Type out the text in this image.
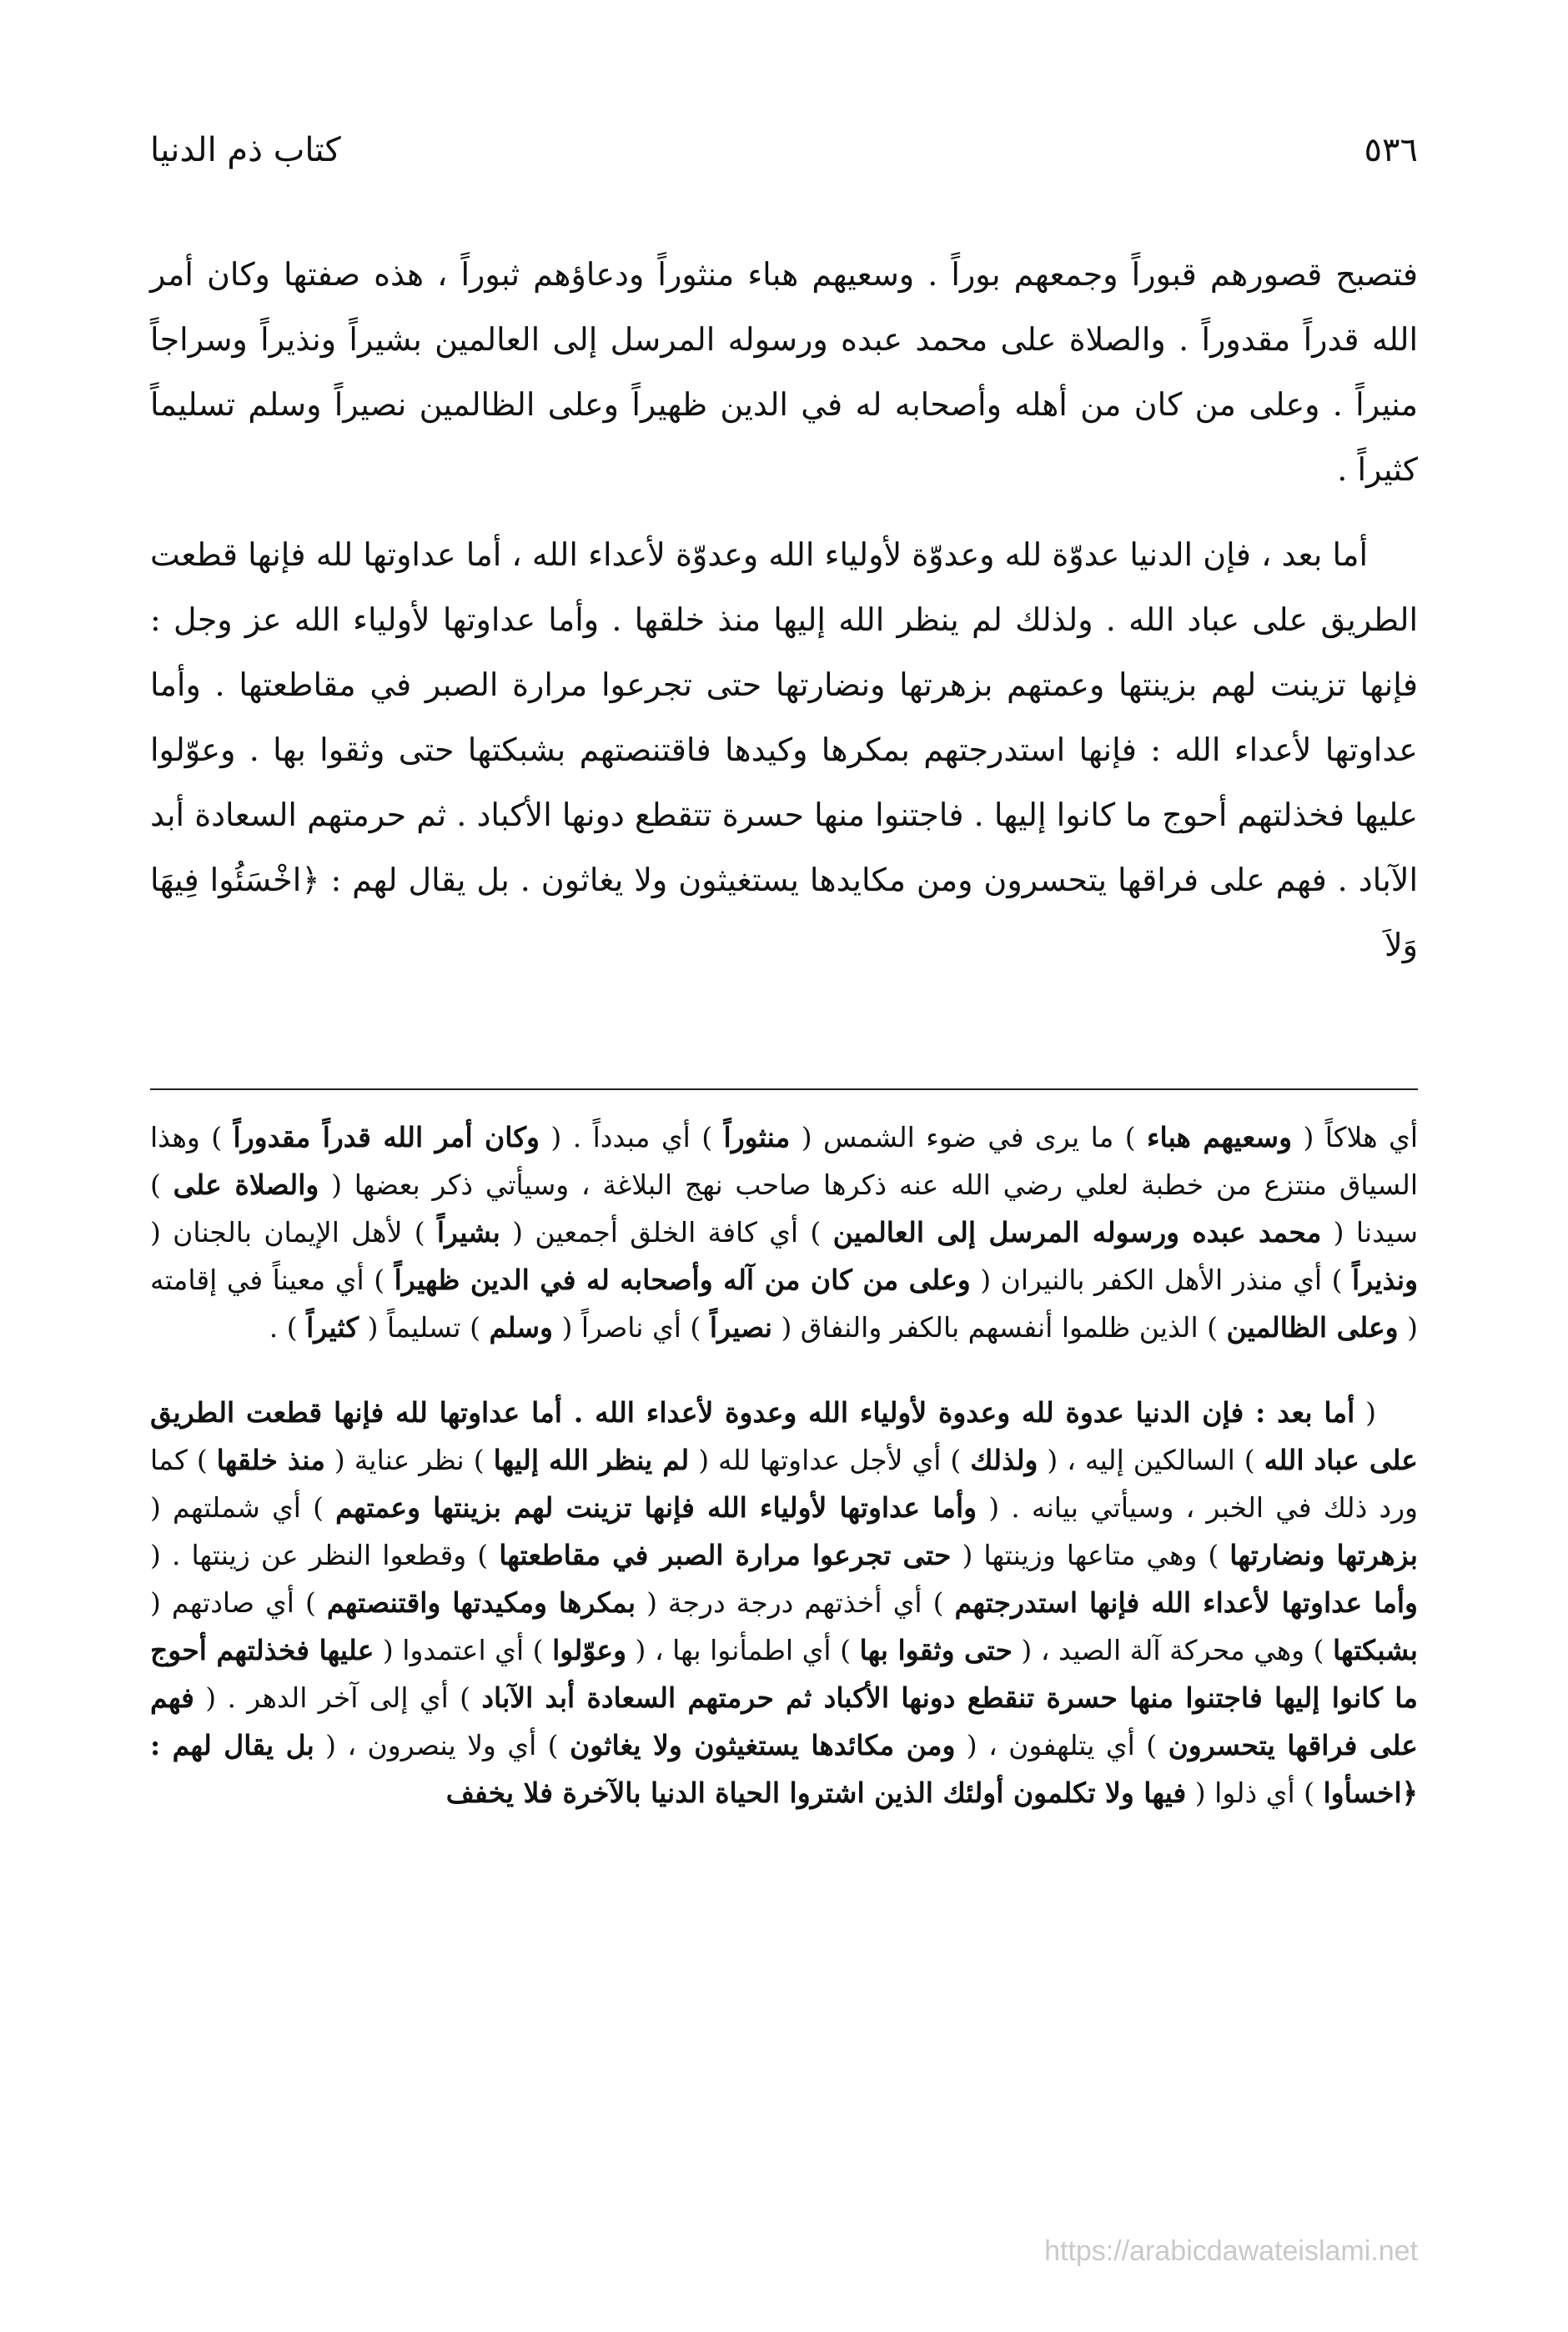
٥٣٦
كتاب ذم الدنيا

فتصبح قصورهم قبوراً وجمعهم بوراً . وسعيهم هباء منثوراً ودعاؤهم ثبوراً ، هذه صفتها وكان أمر الله قدراً مقدوراً . والصلاة على محمد عبده ورسوله المرسل إلى العالمين بشيراً ونذيراً وسراجاً منيراً . وعلى من كان من أهله وأصحابه له في الدين ظهيراً وعلى الظالمين نصيراً وسلم تسليماً كثيراً .

أما بعد ، فإن الدنيا عدوّة لله وعدوّة لأولياء الله وعدوّة لأعداء الله ، أما عداوتها لله فإنها قطعت الطريق على عباد الله . ولذلك لم ينظر الله إليها منذ خلقها . وأما عداوتها لأولياء الله عز وجل : فإنها تزينت لهم بزينتها وعمتهم بزهرتها ونضارتها حتى تجرعوا مرارة الصبر في مقاطعتها . وأما عداوتها لأعداء الله : فإنها استدرجتهم بمكرها وكيدها فاقتنصتهم بشبكتها حتى وثقوا بها . وعوّلوا عليها فخذلتهم أحوج ما كانوا إليها . فاجتنوا منها حسرة تتقطع دونها الأكباد . ثم حرمتهم السعادة أبد الآباد . فهم على فراقها يتحسرون ومن مكايدها يستغيثون ولا يغاثون . بل يقال لهم : ﴿اخْسَئُوا فِيهَا وَلاَ

أي هلاكاً ( وسعيهم هباء ) ما يرى في ضوء الشمس ( منثوراً ) أي مبدداً . ( وكان أمر الله قدراً مقدوراً ) وهذا السياق منتزع من خطبة لعلي رضي الله عنه ذكرها صاحب نهج البلاغة ، وسيأتي ذكر بعضها ( والصلاة على ) سيدنا ( محمد عبده ورسوله المرسل إلى العالمين ) أي كافة الخلق أجمعين ( بشيراً ) لأهل الإيمان بالجنان ( ونذيراً ) أي منذر الأهل الكفر بالنيران ( وعلى من كان من آله وأصحابه له في الدين ظهيراً ) أي معيناً في إقامته ( وعلى الظالمين ) الذين ظلموا أنفسهم بالكفر والنفاق ( نصيراً ) أي ناصراً ( وسلم ) تسليماً ( كثيراً ) .

( أما بعد : فإن الدنيا عدوة لله وعدوة لأولياء الله وعدوة لأعداء الله . أما عداوتها لله فإنها قطعت الطريق على عباد الله ) السالكين إليه ، ( ولذلك ) أي لأجل عداوتها لله ( لم ينظر الله إليها ) نظر عناية ( منذ خلقها ) كما ورد ذلك في الخبر ، وسيأتي بيانه . ( وأما عداوتها لأولياء الله فإنها تزينت لهم بزينتها وعمتهم ) أي شملتهم ( بزهرتها ونضارتها ) وهي متاعها وزينتها ( حتى تجرعوا مرارة الصبر في مقاطعتها ) وقطعوا النظر عن زينتها . ( وأما عداوتها لأعداء الله فإنها استدرجتهم ) أي أخذتهم درجة درجة ( بمكرها ومكيدتها واقتنصتهم ) أي صادتهم ( بشبكتها ) وهي محركة آلة الصيد ، ( حتى وثقوا بها ) أي اطمأنوا بها ، ( وعوّلوا ) أي اعتمدوا ( عليها فخذلتهم أحوج ما كانوا إليها فاجتنوا منها حسرة تنقطع دونها الأكباد ثم حرمتهم السعادة أبد الآباد ) أي إلى آخر الدهر . ( فهم على فراقها يتحسرون ) أي يتلهفون ، ( ومن مكائدها يستغيثون ولا يغاثون ) أي ولا ينصرون ، ( بل يقال لهم : ﴿اخسأوا ) أي ذلوا ( فيها ولا تكلمون أولئك الذين اشتروا الحياة الدنيا بالآخرة فلا يخفف

https://arabicdawateislami.net
